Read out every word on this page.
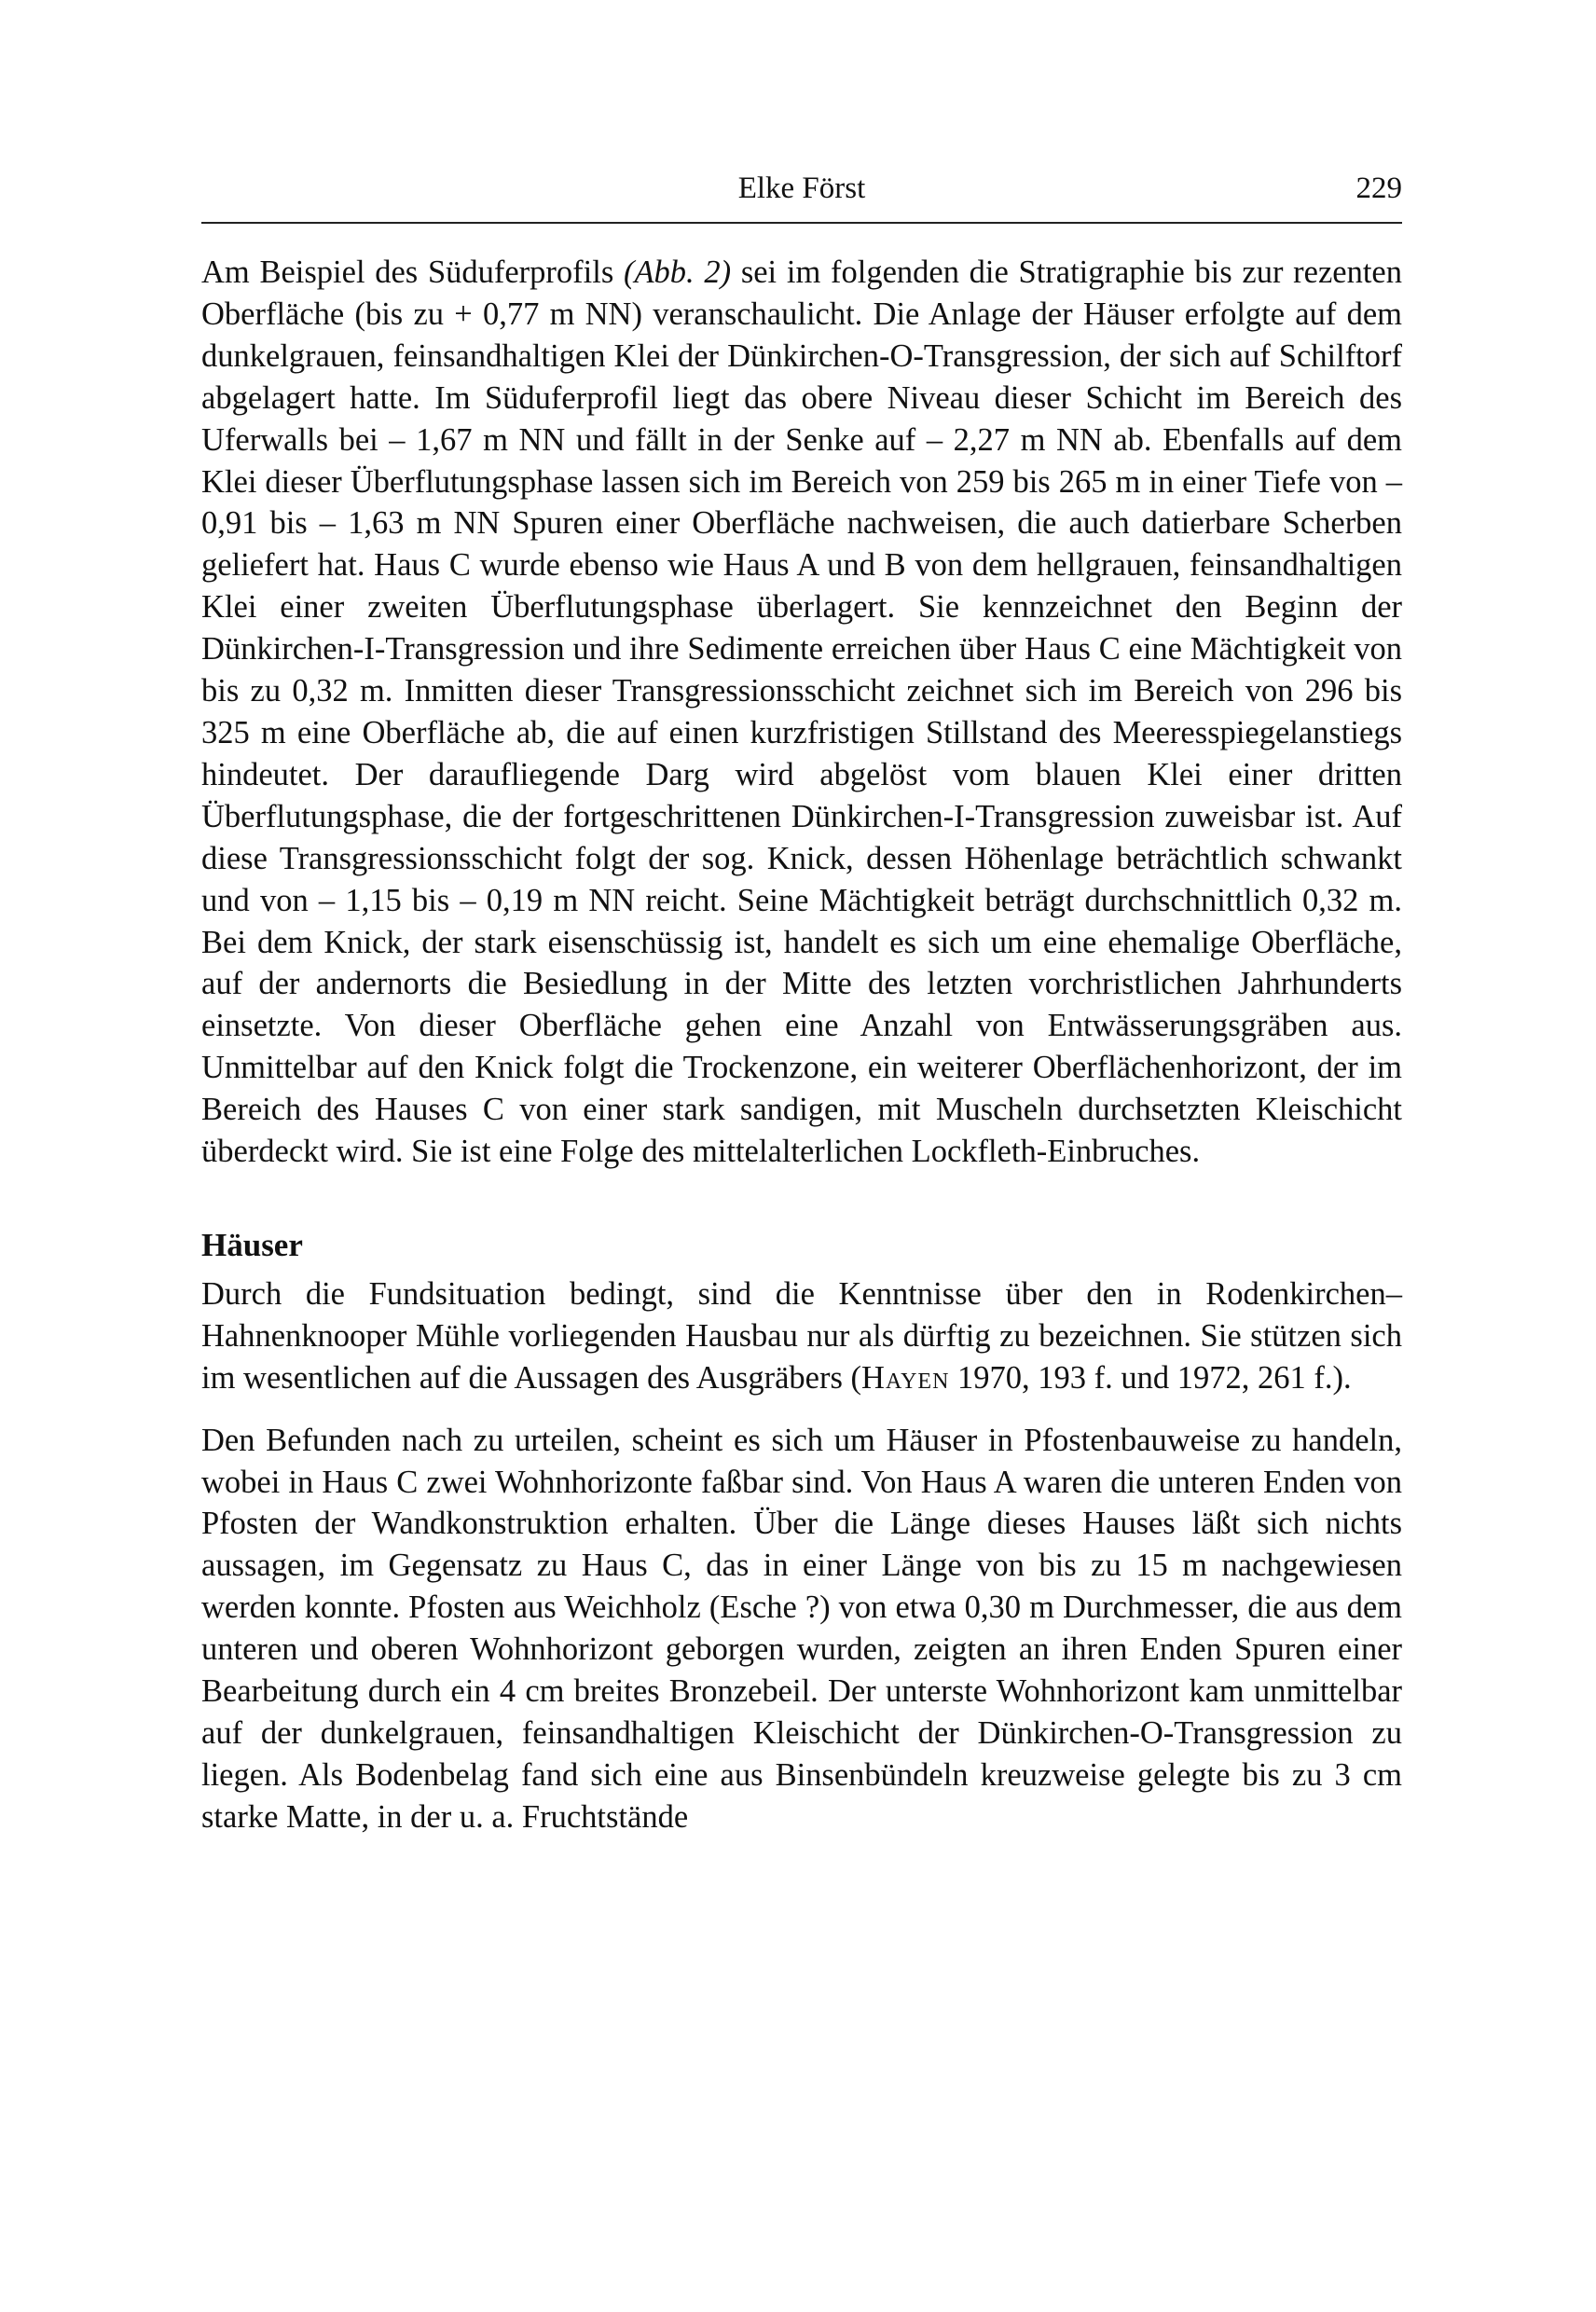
Elke Först	229

Am Beispiel des Süduferprofils (Abb. 2) sei im folgenden die Stratigraphie bis zur rezenten Oberfläche (bis zu + 0,77 m NN) veranschaulicht. Die Anlage der Häuser erfolgte auf dem dunkelgrauen, feinsandhaltigen Klei der Dünkirchen-O-Transgression, der sich auf Schilftorf abgelagert hatte. Im Süduferprofil liegt das obere Niveau dieser Schicht im Bereich des Uferwalls bei – 1,67 m NN und fällt in der Senke auf – 2,27 m NN ab. Ebenfalls auf dem Klei dieser Überflutungsphase lassen sich im Bereich von 259 bis 265 m in einer Tiefe von – 0,91 bis – 1,63 m NN Spuren einer Oberfläche nachweisen, die auch datierbare Scherben geliefert hat. Haus C wurde ebenso wie Haus A und B von dem hellgrauen, feinsandhaltigen Klei einer zweiten Überflutungsphase überlagert. Sie kennzeichnet den Beginn der Dünkirchen-I-Transgression und ihre Sedimente erreichen über Haus C eine Mächtigkeit von bis zu 0,32 m. Inmitten dieser Transgressionsschicht zeichnet sich im Bereich von 296 bis 325 m eine Oberfläche ab, die auf einen kurzfristigen Stillstand des Meeresspiegelanstiegs hindeutet. Der daraufliegende Darg wird abgelöst vom blauen Klei einer dritten Überflutungsphase, die der fortgeschrittenen Dünkirchen-I-Transgression zuweisbar ist. Auf diese Transgressionsschicht folgt der sog. Knick, dessen Höhenlage beträchtlich schwankt und von – 1,15 bis – 0,19 m NN reicht. Seine Mächtigkeit beträgt durchschnittlich 0,32 m. Bei dem Knick, der stark eisenschüssig ist, handelt es sich um eine ehemalige Oberfläche, auf der andernorts die Besiedlung in der Mitte des letzten vorchristlichen Jahrhunderts einsetzte. Von dieser Oberfläche gehen eine Anzahl von Entwässerungsgräben aus. Unmittelbar auf den Knick folgt die Trockenzone, ein weiterer Oberflächenhorizont, der im Bereich des Hauses C von einer stark sandigen, mit Muscheln durchsetzten Kleischicht überdeckt wird. Sie ist eine Folge des mittelalterlichen Lockfleth-Einbruches.

Häuser

Durch die Fundsituation bedingt, sind die Kenntnisse über den in Rodenkirchen–Hahnenknooper Mühle vorliegenden Hausbau nur als dürftig zu bezeichnen. Sie stützen sich im wesentlichen auf die Aussagen des Ausgräbers (Hayen 1970, 193 f. und 1972, 261 f.).

Den Befunden nach zu urteilen, scheint es sich um Häuser in Pfostenbauweise zu handeln, wobei in Haus C zwei Wohnhorizonte faßbar sind. Von Haus A waren die unteren Enden von Pfosten der Wandkonstruktion erhalten. Über die Länge dieses Hauses läßt sich nichts aussagen, im Gegensatz zu Haus C, das in einer Länge von bis zu 15 m nachgewiesen werden konnte. Pfosten aus Weichholz (Esche ?) von etwa 0,30 m Durchmesser, die aus dem unteren und oberen Wohnhorizont geborgen wurden, zeigten an ihren Enden Spuren einer Bearbeitung durch ein 4 cm breites Bronzebeil. Der unterste Wohnhorizont kam unmittelbar auf der dunkelgrauen, feinsandhaltigen Kleischicht der Dünkirchen-O-Transgression zu liegen. Als Bodenbelag fand sich eine aus Binsenbündeln kreuzweise gelegte bis zu 3 cm starke Matte, in der u. a. Fruchtstände
